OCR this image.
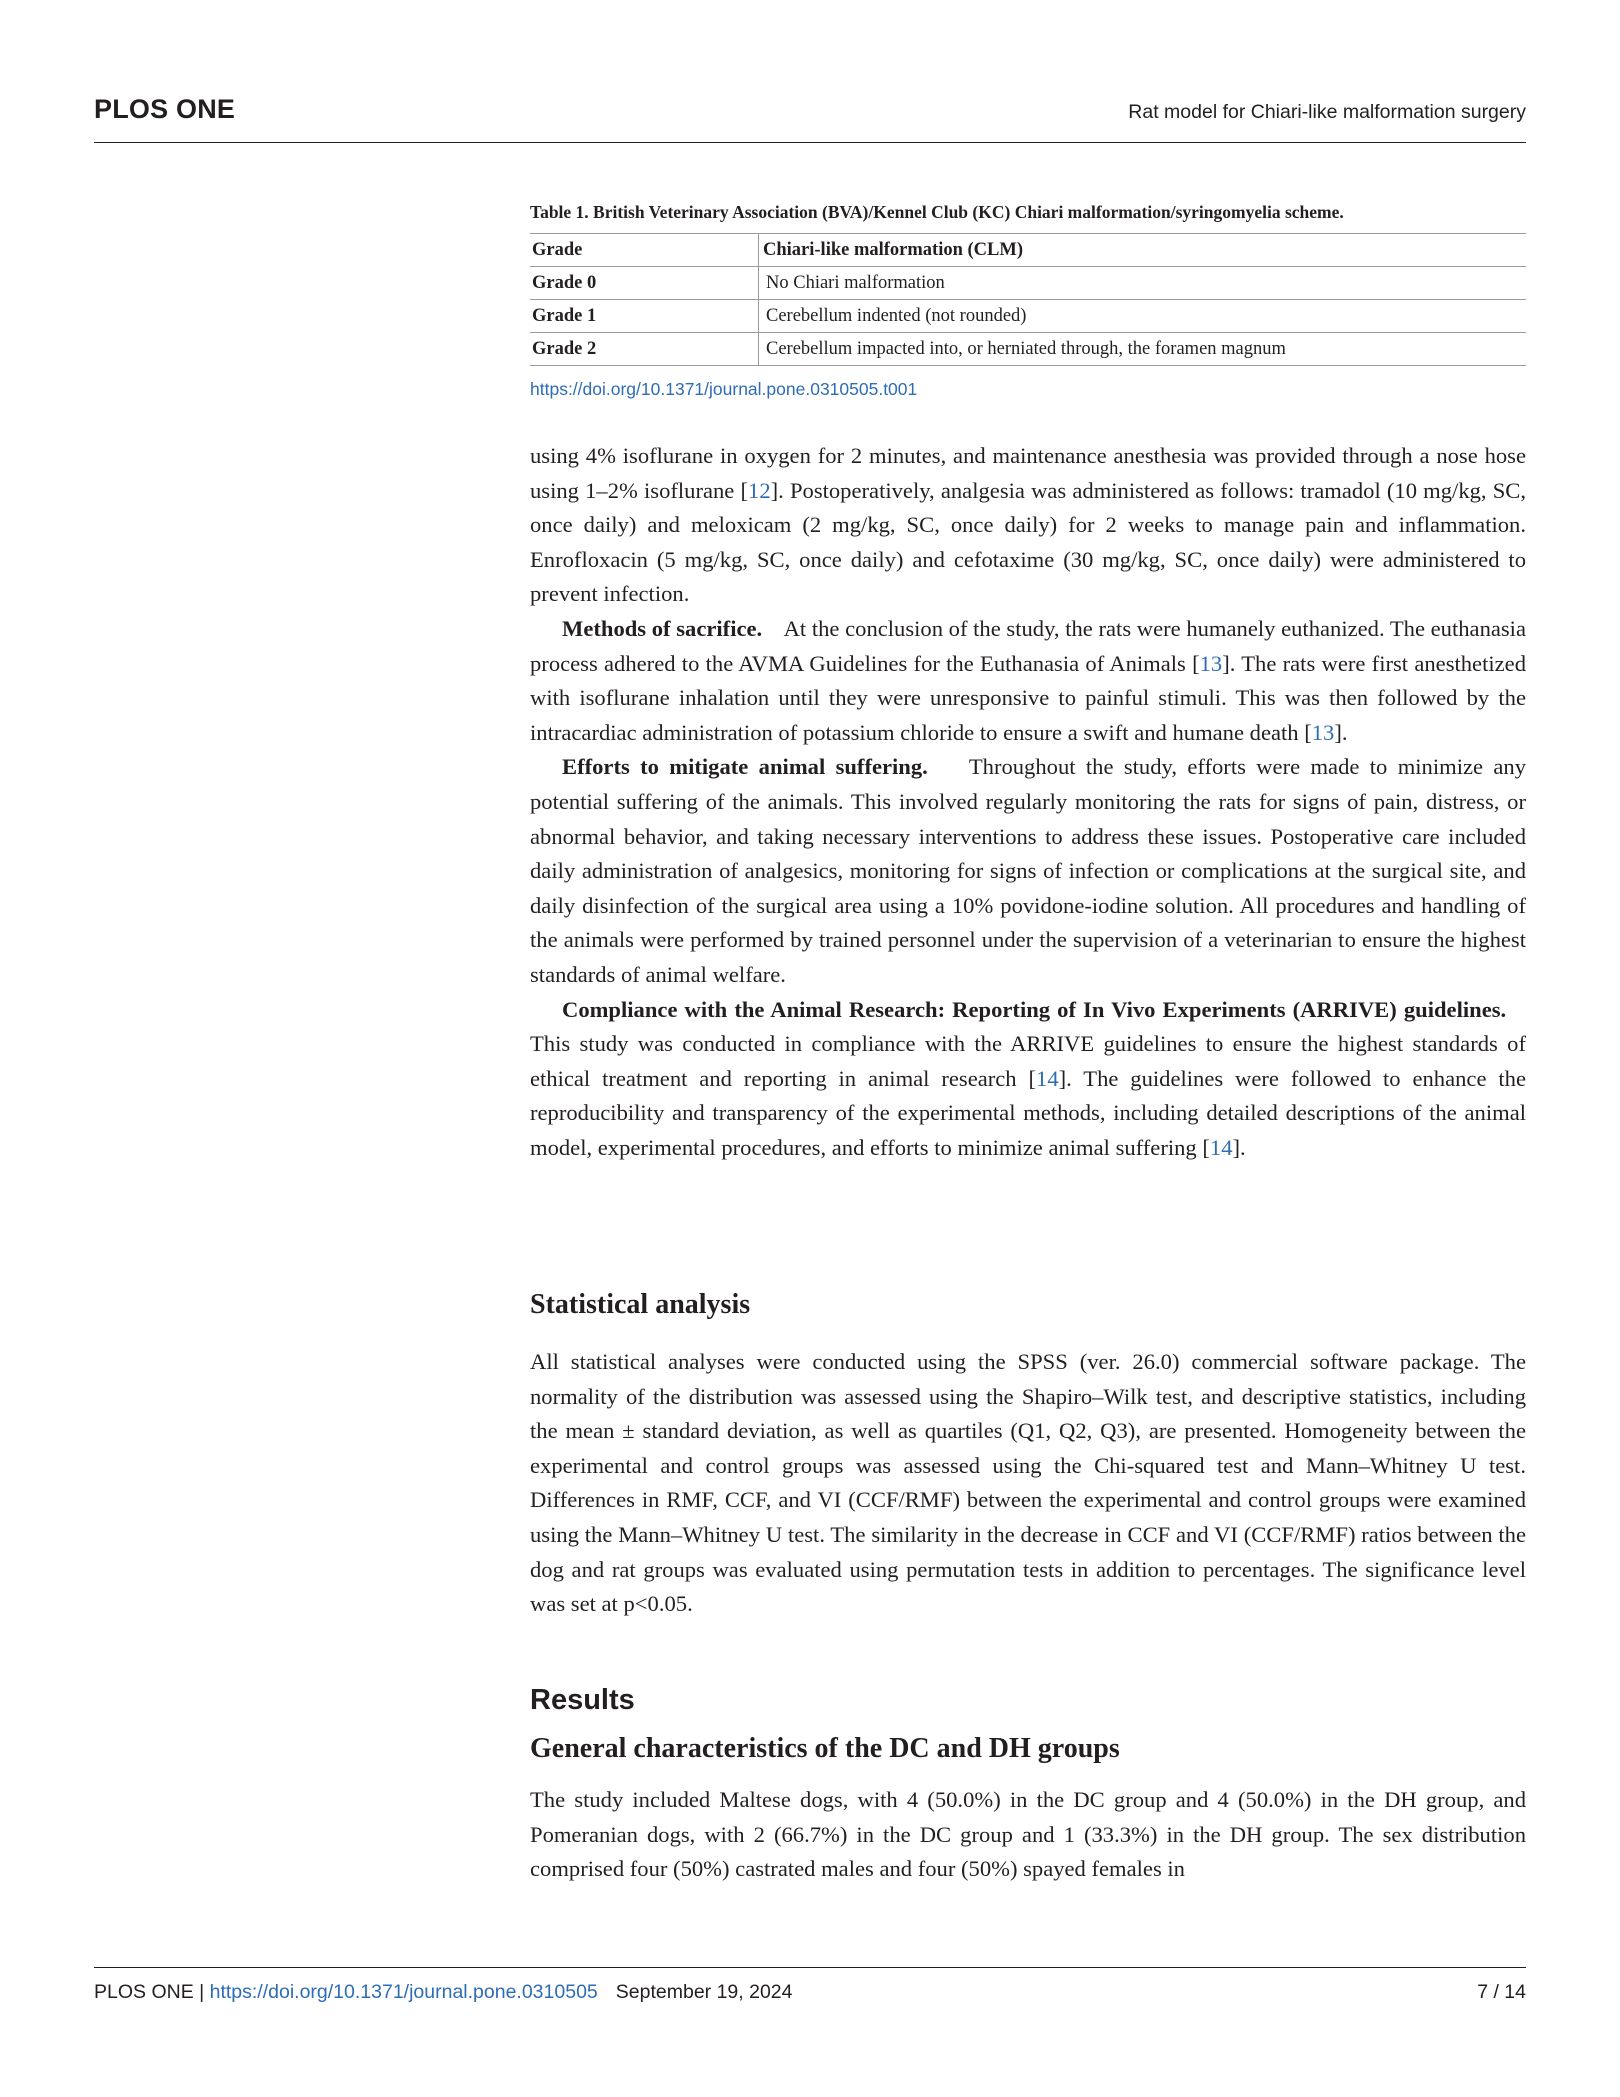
PLOS ONE	Rat model for Chiari-like malformation surgery
Table 1. British Veterinary Association (BVA)/Kennel Club (KC) Chiari malformation/syringomyelia scheme.
Grade	Chiari-like malformation (CLM)
Grade 0	No Chiari malformation
Grade 1	Cerebellum indented (not rounded)
Grade 2	Cerebellum impacted into, or herniated through, the foramen magnum
https://doi.org/10.1371/journal.pone.0310505.t001

using 4% isoflurane in oxygen for 2 minutes, and maintenance anesthesia was provided through a nose hose using 1–2% isoflurane [12]. Postoperatively, analgesia was administered as follows: tramadol (10 mg/kg, SC, once daily) and meloxicam (2 mg/kg, SC, once daily) for 2 weeks to manage pain and inflammation. Enrofloxacin (5 mg/kg, SC, once daily) and cefotaxime (30 mg/kg, SC, once daily) were administered to prevent infection.

Methods of sacrifice. At the conclusion of the study, the rats were humanely euthanized. The euthanasia process adhered to the AVMA Guidelines for the Euthanasia of Animals [13]. The rats were first anesthetized with isoflurane inhalation until they were unresponsive to painful stimuli. This was then followed by the intracardiac administration of potassium chloride to ensure a swift and humane death [13].

Efforts to mitigate animal suffering. Throughout the study, efforts were made to minimize any potential suffering of the animals. This involved regularly monitoring the rats for signs of pain, distress, or abnormal behavior, and taking necessary interventions to address these issues. Postoperative care included daily administration of analgesics, monitoring for signs of infection or complications at the surgical site, and daily disinfection of the surgical area using a 10% povidone-iodine solution. All procedures and handling of the animals were performed by trained personnel under the supervision of a veterinarian to ensure the highest standards of animal welfare.

Compliance with the Animal Research: Reporting of In Vivo Experiments (ARRIVE) guidelines.    This study was conducted in compliance with the ARRIVE guidelines to ensure the highest standards of ethical treatment and reporting in animal research [14]. The guidelines were followed to enhance the reproducibility and transparency of the experimental methods, including detailed descriptions of the animal model, experimental procedures, and efforts to minimize animal suffering [14].

Statistical analysis

All statistical analyses were conducted using the SPSS (ver. 26.0) commercial software package. The normality of the distribution was assessed using the Shapiro–Wilk test, and descriptive statistics, including the mean ± standard deviation, as well as quartiles (Q1, Q2, Q3), are presented. Homogeneity between the experimental and control groups was assessed using the Chi-squared test and Mann–Whitney U test. Differences in RMF, CCF, and VI (CCF/RMF) between the experimental and control groups were examined using the Mann–Whitney U test. The similarity in the decrease in CCF and VI (CCF/RMF) ratios between the dog and rat groups was evaluated using permutation tests in addition to percentages. The significance level was set at p<0.05.

Results
General characteristics of the DC and DH groups

The study included Maltese dogs, with 4 (50.0%) in the DC group and 4 (50.0%) in the DH group, and Pomeranian dogs, with 2 (66.7%) in the DC group and 1 (33.3%) in the DH group. The sex distribution comprised four (50%) castrated males and four (50%) spayed females in

PLOS ONE | https://doi.org/10.1371/journal.pone.0310505 September 19, 2024	7 / 14
